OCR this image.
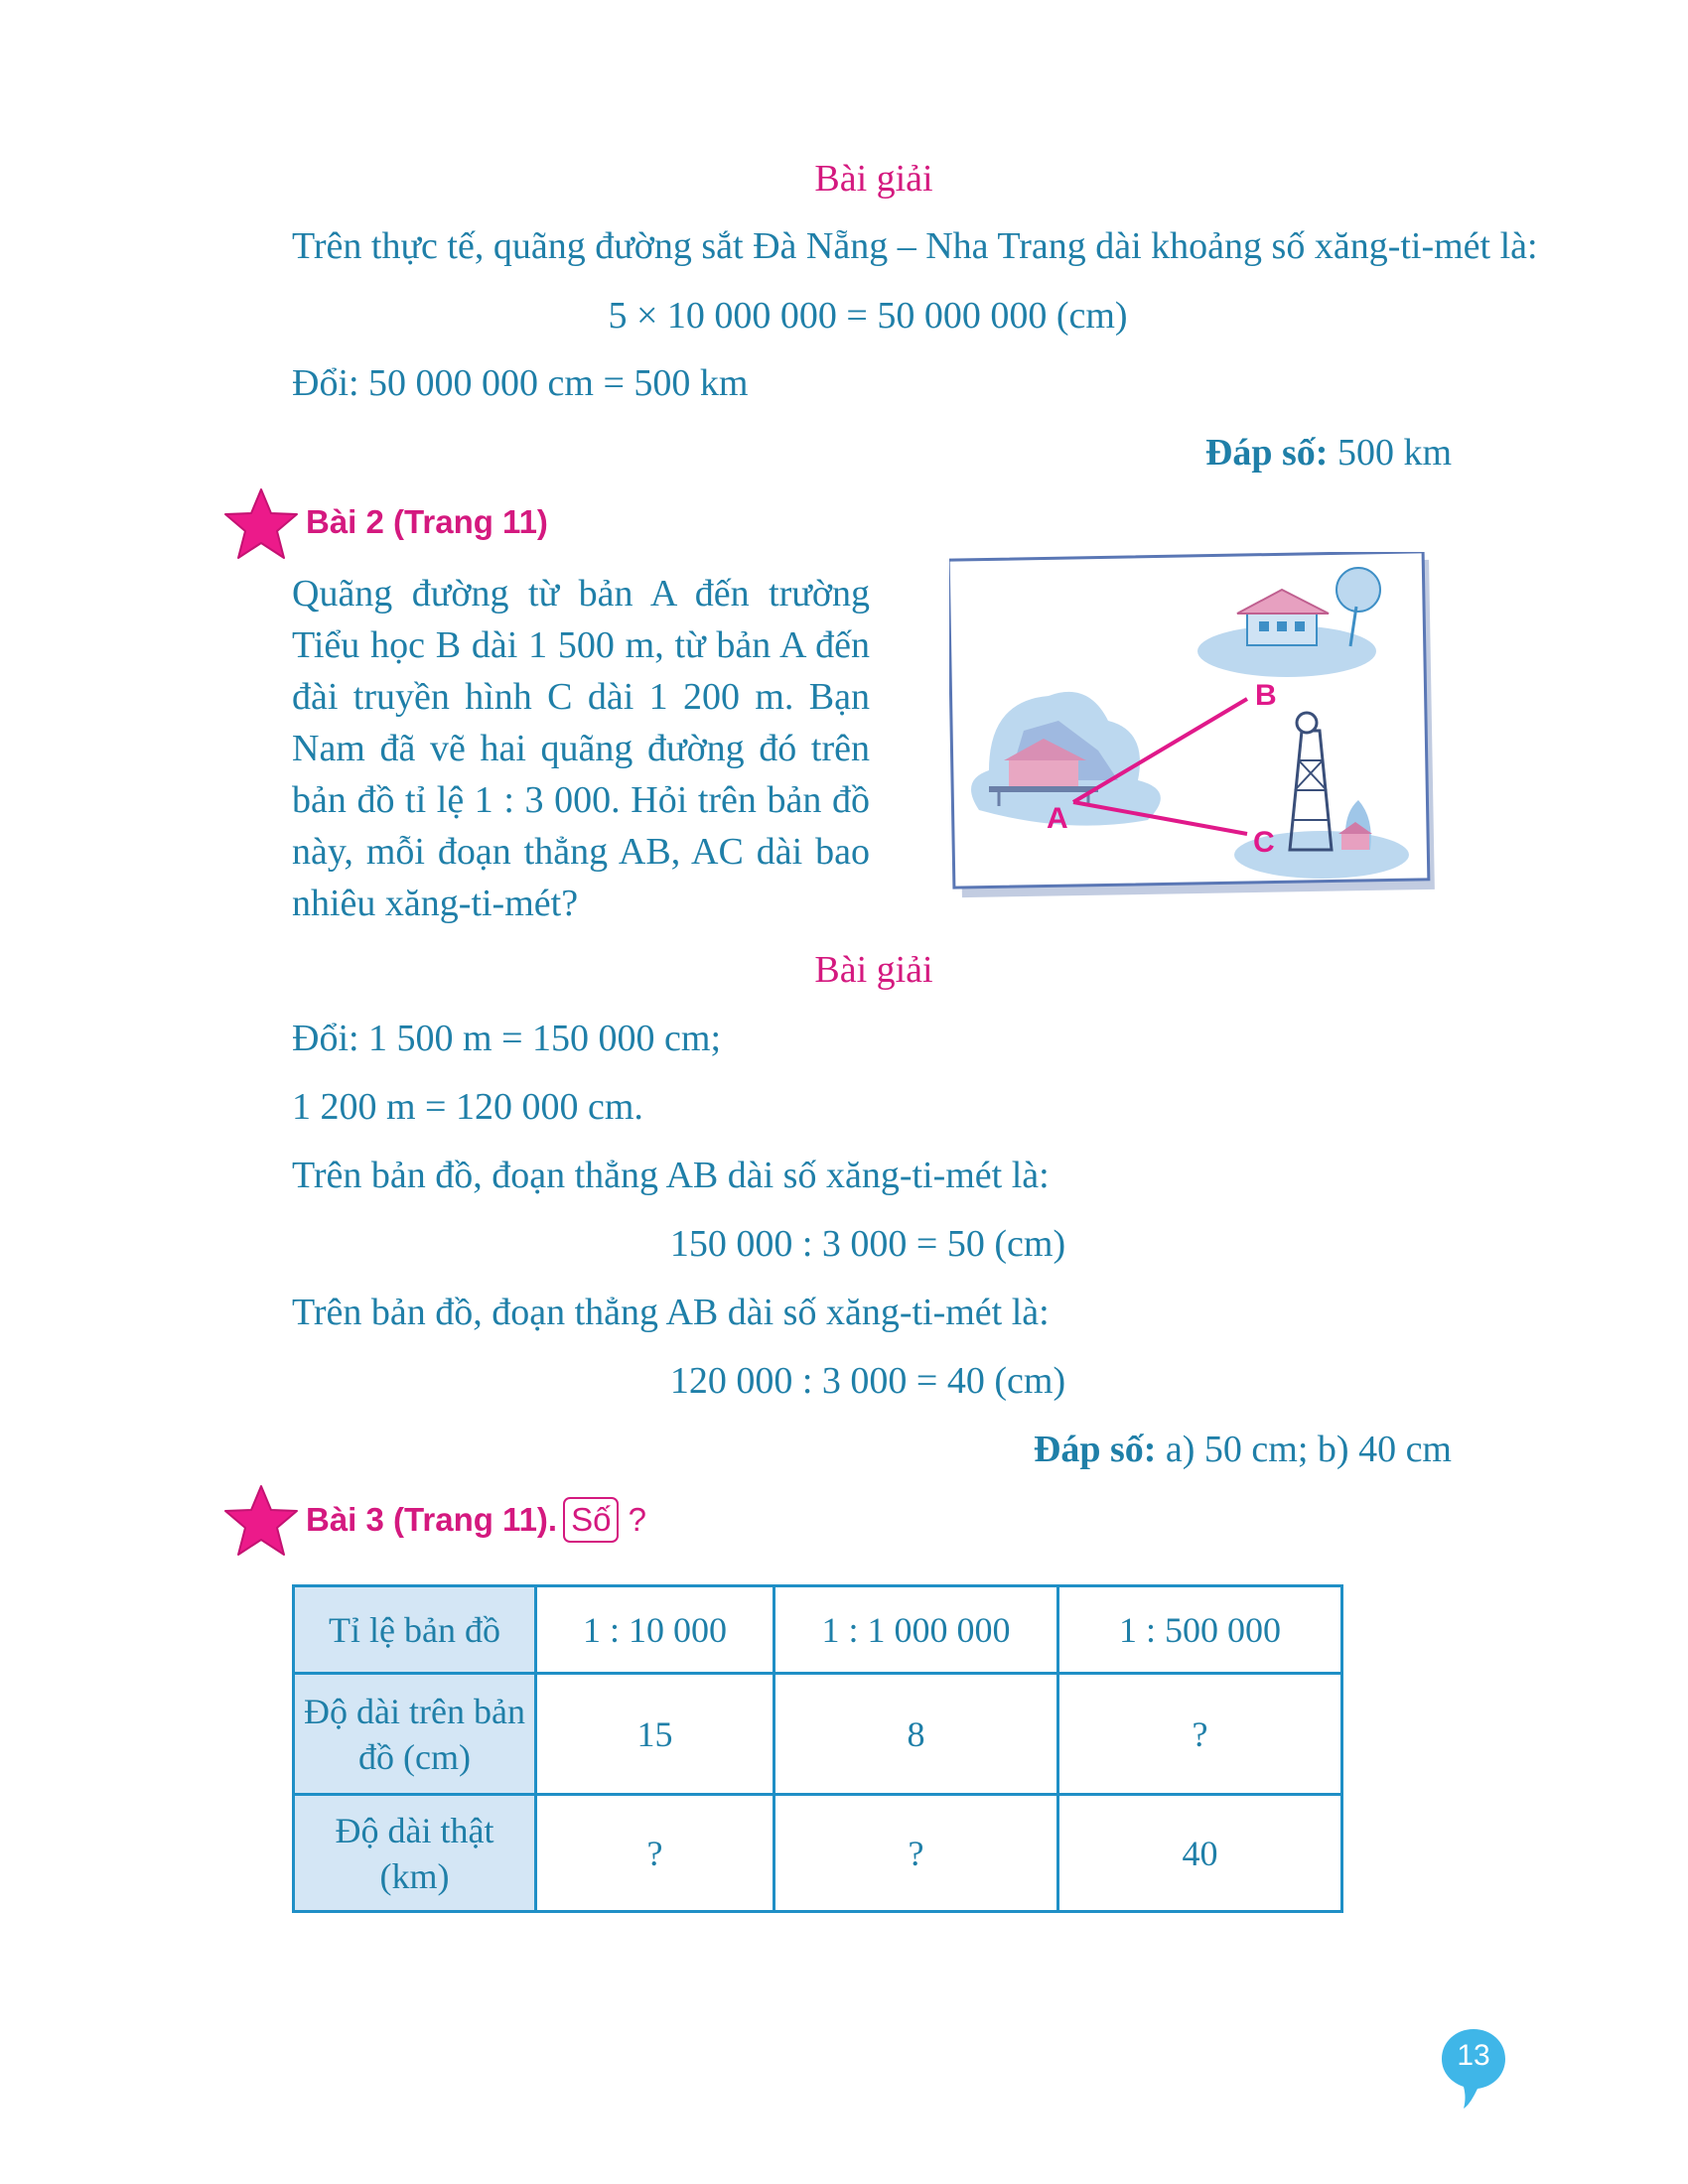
Bài giải
Trên thực tế, quãng đường sắt Đà Nẵng – Nha Trang dài khoảng số xăng-ti-mét là:
5 × 10 000 000 = 50 000 000 (cm)
Đổi: 50 000 000 cm = 500 km
Đáp số: 500 km
Bài 2 (Trang 11)
Quãng đường từ bản A đến trường Tiểu học B dài 1 500 m, từ bản A đến đài truyền hình C dài 1 200 m. Bạn Nam đã vẽ hai quãng đường đó trên bản đồ tỉ lệ 1 : 3 000. Hỏi trên bản đồ này, mỗi đoạn thẳng AB, AC dài bao nhiêu xăng-ti-mét?
A
B
C
Bài giải
Đổi: 1 500 m = 150 000 cm;
1 200 m = 120 000 cm.
Trên bản đồ, đoạn thẳng AB dài số xăng-ti-mét là:
150 000 : 3 000 = 50 (cm)
Trên bản đồ, đoạn thẳng AB dài số xăng-ti-mét là:
120 000 : 3 000 = 40 (cm)
Đáp số: a) 50 cm; b) 40 cm
Bài 3 (Trang 11). Số ?
Tỉ lệ bản đồ	1 : 10 000	1 : 1 000 000	1 : 500 000
Độ dài trên bản đồ (cm)	15	8	?
Độ dài thật (km)	?	?	40
13
